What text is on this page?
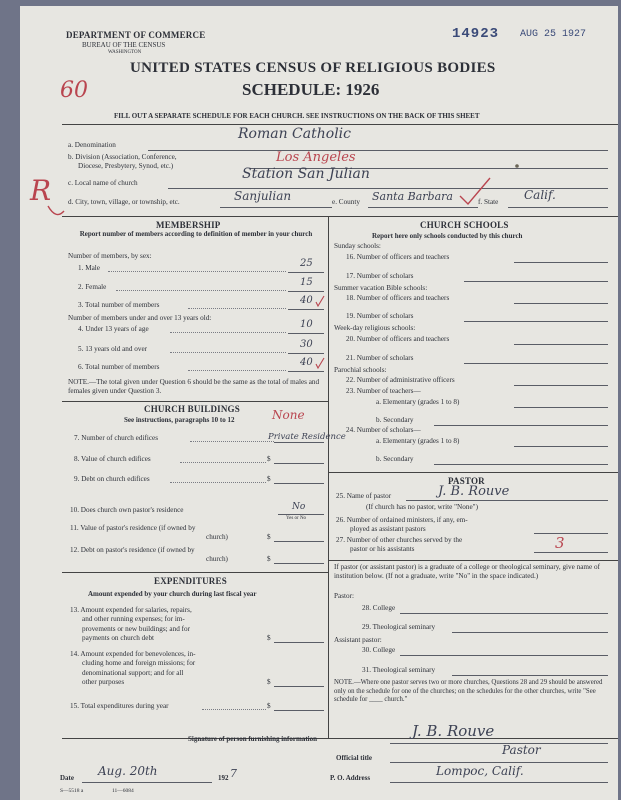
DEPARTMENT OF COMMERCE
BUREAU OF THE CENSUS
WASHINGTON
14923 AUG 25 1927
UNITED STATES CENSUS OF RELIGIOUS BODIES
SCHEDULE: 1926
60
FILL OUT A SEPARATE SCHEDULE FOR EACH CHURCH. SEE INSTRUCTIONS ON THE BACK OF THIS SHEET
a. Denomination
Roman Catholic
b. Division (Association, Conference,
Diocese, Presbytery, Synod, etc.)
Los Angeles
c. Local name of church
Station San Julian
R d. City, town, village, or township, etc.	Sanjulian	e. County Santa Barbara	f. State Calif.
MEMBERSHIP
Report number of members according to definition of member in your church
Number of members, by sex:
1. Male	25
2. Female	15
3. Total number of members	40
Number of members under and over 13 years old:
4. Under 13 years of age	10
5. 13 years old and over	30
6. Total number of members	40
NOTE.—The total given under Question 6 should be the same as the total of males and females given under Question 3.
CHURCH BUILDINGS
See instructions, paragraphs 10 to 12	None
7. Number of church edifices	Private Residence
8. Value of church edifices	$
9. Debt on church edifices	$
10. Does church own pastor's residence	No
Yes or No
11. Value of pastor's residence (if owned by
church)	$
12. Debt on pastor's residence (if owned by
church)	$
EXPENDITURES
Amount expended by your church during last fiscal year
13. Amount expended for salaries, repairs,
and other running expenses; for im-
provements or new buildings; and for
payments on church debt	$
14. Amount expended for benevolences, in-
cluding home and foreign missions; for
denominational support; and for all
other purposes	$
15. Total expenditures during year	$
CHURCH SCHOOLS
Report here only schools conducted by this church
Sunday schools:
16. Number of officers and teachers
17. Number of scholars
Summer vacation Bible schools:
18. Number of officers and teachers
19. Number of scholars
Week-day religious schools:
20. Number of officers and teachers
21. Number of scholars
Parochial schools:
22. Number of administrative officers
23. Number of teachers—
a. Elementary (grades 1 to 8)
b. Secondary
24. Number of scholars—
a. Elementary (grades 1 to 8)
b. Secondary
PASTOR
25. Name of pastor	J. B. Rouve
(If church has no pastor, write "None")
26. Number of ordained ministers, if any, em-
ployed as assistant pastors
27. Number of other churches served by the
pastor or his assistants	3
If pastor (or assistant pastor) is a graduate of a college or theological seminary, give name of institution below. (If not a graduate, write "No" in the space indicated.)
Pastor:
28. College
29. Theological seminary
Assistant pastor:
30. College
31. Theological seminary
NOTE.—Where one pastor serves two or more churches, Questions 28 and 29 should be answered only on the schedule for one of the churches; on the schedules for the other churches, write "See schedule for ____ church."
Signature of person furnishing information	J. B. Rouve
Official title
Pastor
Date Aug. 20th	192 7	P. O. Address	Lompoc, Calif.
S—5518 a	11—6084
